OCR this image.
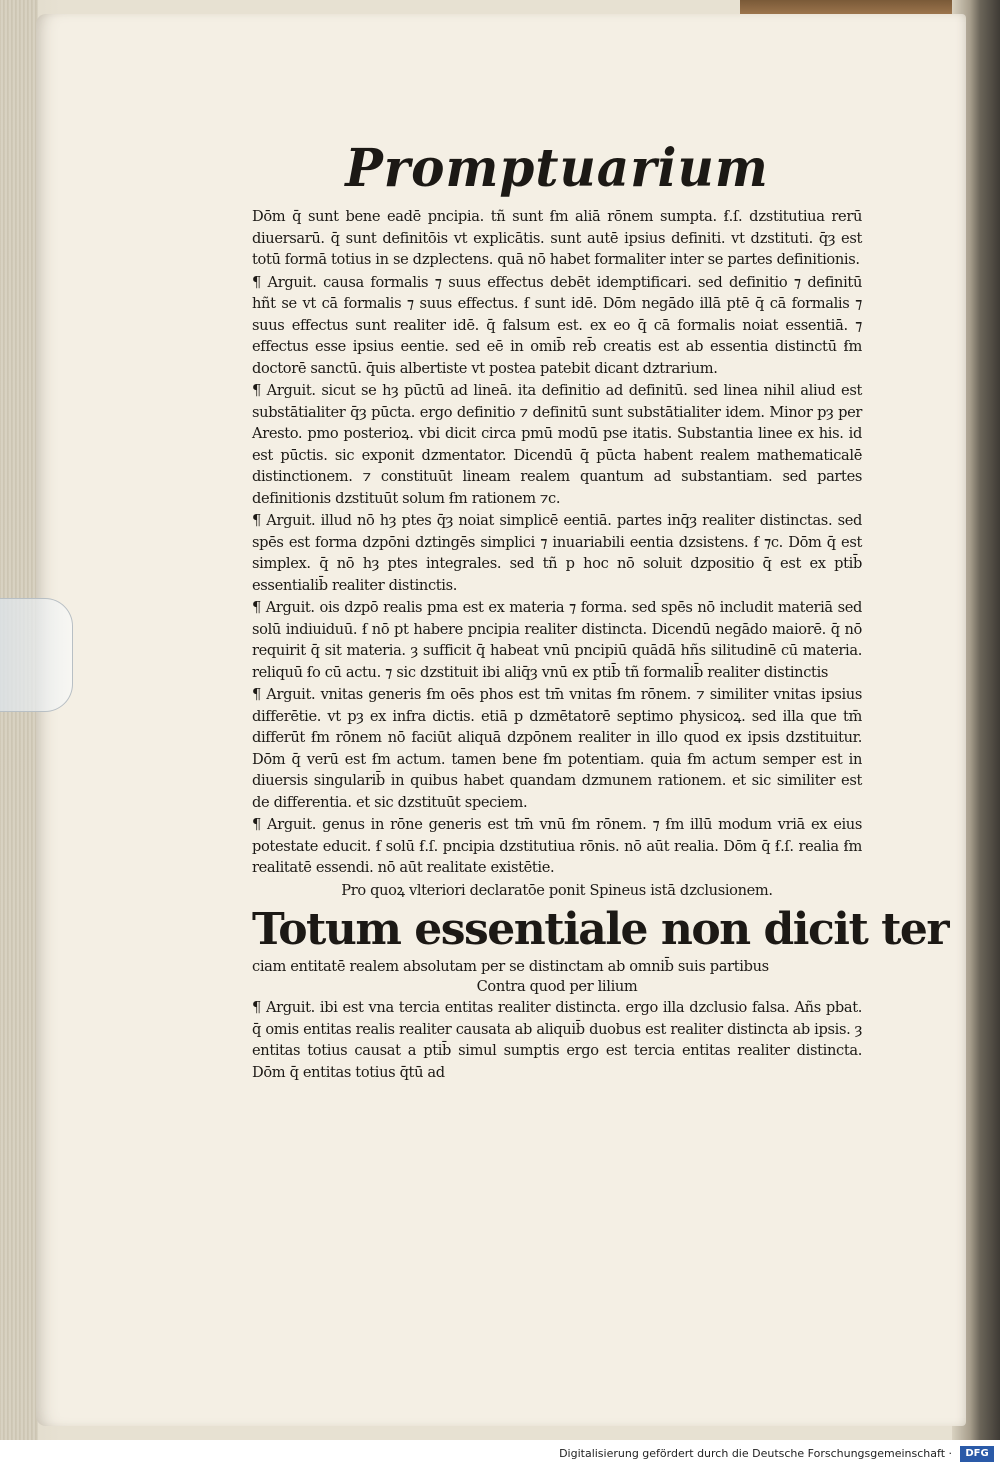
Promptuarium

Dōm q̄ sunt bene eadē pncipia. tñ sunt ẜm aliā rōnem sumpta. ẜ.ſ. ǳstitutiua rerū diuersarū. q̄ sunt definitōis vt explicātis. sunt autē ipsius definiti. vt ǳstituti. q̄ȝ est totū formā totius in se ǳplectens. quā nō habet formaliter inter se partes definitionis.

¶ Arguit. causa formalis ⁊ suus effectus debēt idemptificari. sed definitio ⁊ definitū hñt se vt cā formalis ⁊ suus effectus. ẜ sunt idē. Dōm negādo illā ptē q̄ cā formalis ⁊ suus effectus sunt realiter idē. q̄ falsum est. ex eo q̄ cā formalis noiat essentiā. ⁊ effectus esse ipsius eentie. sed eē in omib̄ reb̄ creatis est ab essentia distinctū ẜm doctorē sanctū. q̄uis albertiste vt postea patebit dicant ǳtrarium.

¶ Arguit. sicut se hȝ pūctū ad lineā. ita definitio ad definitū. sed linea nihil aliud est substātialiter q̄ȝ pūcta. ergo definitio ⁊ definitū sunt substātialiter idem. Minor pȝ per Aresto. pmo posterioꝝ. vbi dicit circa pmū modū pse itatis. Substantia linee ex his. id est pūctis. sic exponit ǳmentator. Dicendū q̄ pūcta habent realem mathematicalē distinctionem. ⁊ constituūt lineam realem quantum ad substantiam. sed partes definitionis ǳstituūt solum ẜm rationem ⁊c.

¶ Arguit. illud nō hȝ ptes q̄ȝ noiat simplicē eentiā. partes inq̄ȝ realiter distinctas. sed spēs est forma ǳpōni ǳtingēs simplici ⁊ inuariabili eentia ǳsistens. ẜ ⁊c. Dōm q̄ est simplex. q̄ nō hȝ ptes integrales. sed tñ p hoc nō soluit ǳpositio q̄ est ex ptib̄ essentialib̄ realiter distinctis.

¶ Arguit. ois ǳpō realis pma est ex materia ⁊ forma. sed spēs nō includit materiā sed solū indiuiduū. ẜ nō pt habere pncipia realiter distincta. Dicendū negādo maiorē. q̄ nō requirit q̄ sit materia. ȝ sufficit q̄ habeat vnū pncipiū quādā hñs silitudinē cū materia. reliquū ẜo cū actu. ⁊ sic ǳstituit ibi aliq̄ȝ vnū ex ptib̄ tñ formalib̄ realiter distinctis

¶ Arguit. vnitas generis ẜm oēs phos est tm̄ vnitas ẜm rōnem. ⁊ similiter vnitas ipsius differētie. vt pȝ ex infra dictis. etiā p ǳmētatorē septimo physicoꝝ. sed illa que tm̄ differūt ẜm rōnem nō faciūt aliquā ǳpōnem realiter in illo quod ex ipsis ǳstituitur. Dōm q̄ verū est ẜm actum. tamen bene ẜm potentiam. quia ẜm actum semper est in diuersis singularib̄ in quibus habet quandam ǳmunem rationem. et sic similiter est de differentia. et sic ǳstituūt speciem.

¶ Arguit. genus in rōne generis est tm̄ vnū ẜm rōnem. ⁊ ẜm illū modum vriā ex eius potestate educit. ẜ solū ẜ.ſ. pncipia ǳstitutiua rōnis. nō aūt realia. Dōm q̄ ẜ.ſ. realia ẜm realitatē essendi. nō aūt realitate existētie.

Pro quoꝝ vlteriori declaratōe ponit Spineus istā ǳclusionem.

Totum essentiale non dicit ter
ciam entitatē realem absolutam per se distinctam ab omnib̄ suis partibus
Contra quod per lilium

¶ Arguit. ibi est vna tercia entitas realiter distincta. ergo illa ǳclusio falsa. Añs pbat. q̄ omis entitas realis realiter causata ab aliquib̄ duobus est realiter distincta ab ipsis. ȝ entitas totius causat a ptib̄ simul sumptis ergo est tercia entitas realiter distincta. Dōm q̄ entitas totius q̄tū ad

Digitalisierung gefördert durch die Deutsche Forschungsgemeinschaft ·	DFG
